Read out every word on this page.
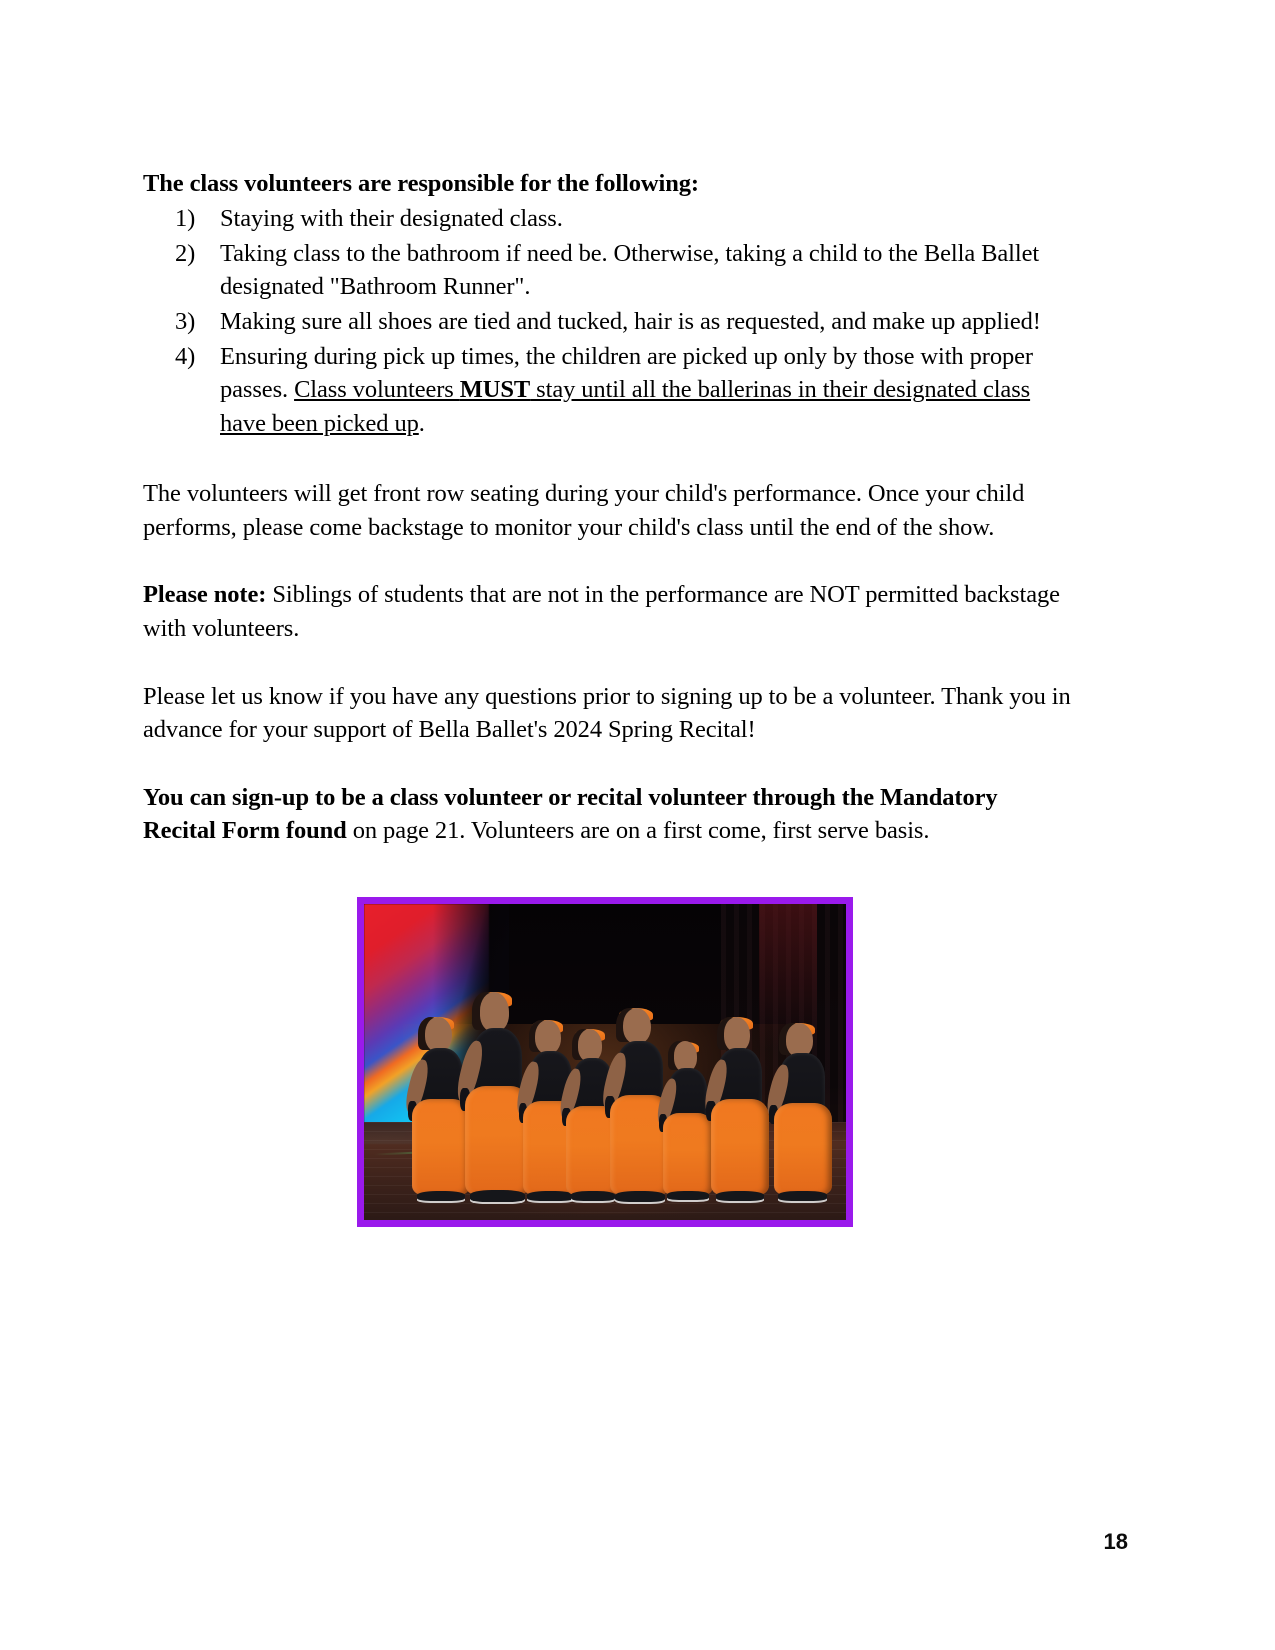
The class volunteers are responsible for the following:
1)	Staying with their designated class.
2)	Taking class to the bathroom if need be. Otherwise, taking a child to the Bella Ballet designated "Bathroom Runner".
3)	Making sure all shoes are tied and tucked, hair is as requested, and make up applied!
4)	Ensuring during pick up times, the children are picked up only by those with proper passes. Class volunteers MUST stay until all the ballerinas in their designated class have been picked up.

The volunteers will get front row seating during your child's performance. Once your child performs, please come backstage to monitor your child's class until the end of the show.

Please note: Siblings of students that are not in the performance are NOT permitted backstage with volunteers.

Please let us know if you have any questions prior to signing up to be a volunteer. Thank you in advance for your support of Bella Ballet's 2024 Spring Recital!

You can sign-up to be a class volunteer or recital volunteer through the Mandatory Recital Form found on page 21. Volunteers are on a first come, first serve basis.

18
